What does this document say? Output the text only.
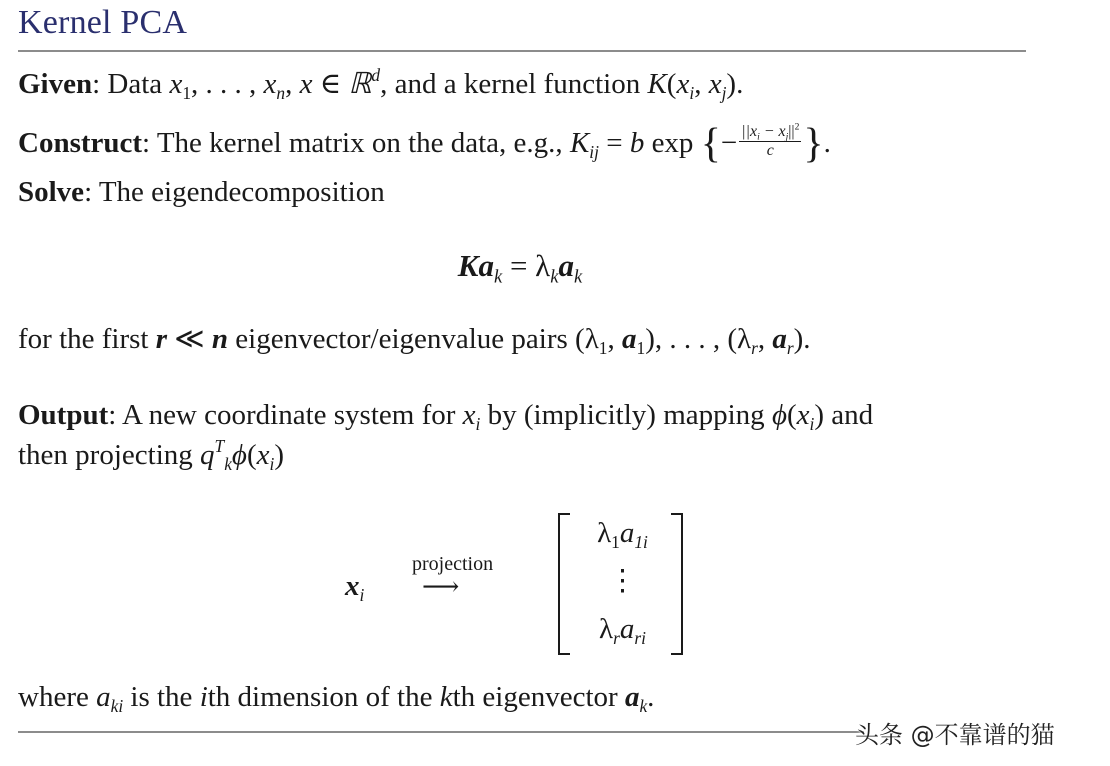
Kernel PCA
Given: Data $x_1$, . . . , $x_n$, x ∈ ℝ$^d$, and a kernel function $K(x_i$, $x_j$).
Construct: The kernel matrix on the data, e.g., $K_{ij} = b$ exp {− $\frac{||x_i - x_j||^2}{c}$ }.
Solve: The eigendecomposition
$Ka_k = \lambda_ka_k$
for the first r ≪ n eigenvector/eigenvalue pairs ($\lambda_1$, $a_1$), . . . , ($\lambda_r$, $a_r$).
Output: A new coordinate system for $x_i$ by (implicitly) mapping $\phi(x_i)$ and
then projecting $q^T_k\phi(x_i)$
$x_i$
projection
⟶
$\lambda_1a_{1i}$
⋮
$\lambda_ra_{ri}$
where $a_{ki}$ is the ith dimension of the kth eigenvector $a_k$.
头条 @不靠谱的猫
